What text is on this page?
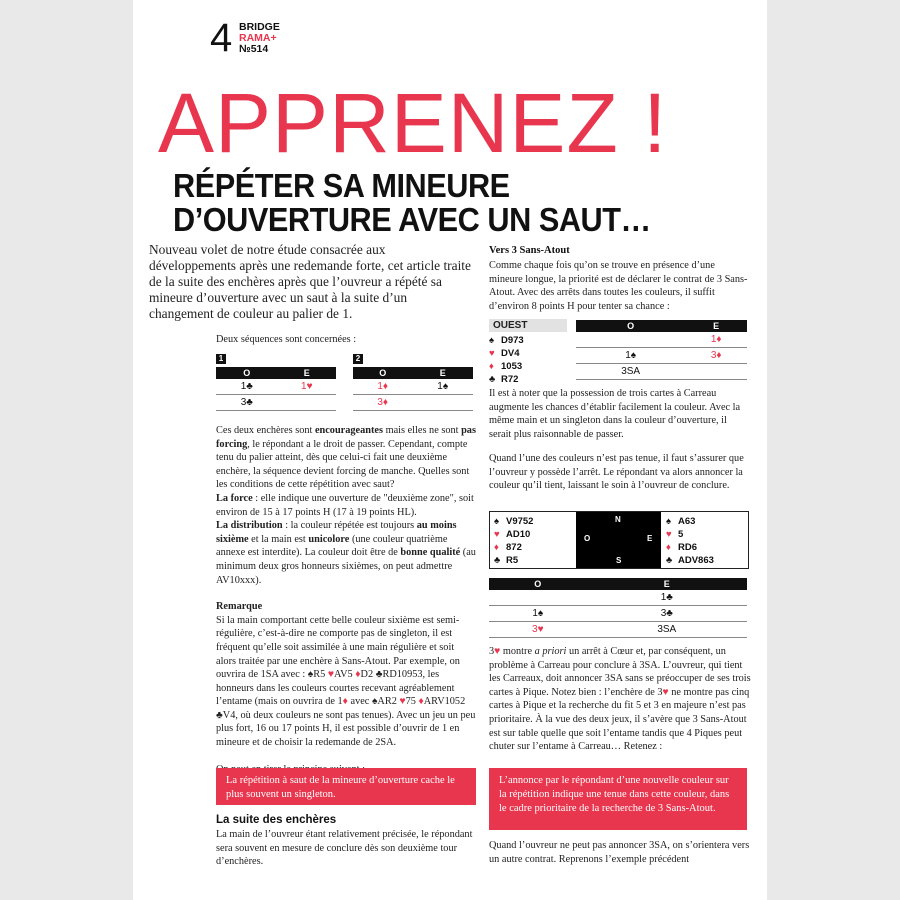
4 BRIDGE
RAMA+
№514
APPRENEZ !
RÉPÉTER SA MINEURE
D’OUVERTURE AVEC UN SAUT…
Nouveau volet de notre étude consacrée aux développements après une redemande forte, cet article traite de la suite des enchères après que l’ouvreur a répété sa mineure d’ouverture avec un saut à la suite d’un changement de couleur au palier de 1.
Deux séquences sont concernées :
1	2
O	E
1♣	1♥
3♣	
O	E
1♦	1♠
3♦	

Ces deux enchères sont encourageantes mais elles ne sont pas forcing, le répondant a le droit de passer. Cependant, compte tenu du palier atteint, dès que celui-ci fait une deuxième enchère, la séquence devient forcing de manche. Quelles sont les conditions de cette répétition avec saut?

La force : elle indique une ouverture de "deuxième zone", soit environ de 15 à 17 points H (17 à 19 points HL).

La distribution : la couleur répétée est toujours au moins sixième et la main est unicolore (une couleur quatrième annexe est interdite). La couleur doit être de bonne qualité (au minimum deux gros honneurs sixièmes, on peut admettre AV10xxx).

Remarque

Si la main comportant cette belle couleur sixième est semi-régulière, c’est-à-dire ne comporte pas de singleton, il est fréquent qu’elle soit assimilée à une main régulière et soit alors traitée par une enchère à Sans-Atout. Par exemple, on ouvrira de 1SA avec : ♠R5 ♥AV5 ♦D2 ♣RD10953, les honneurs dans les couleurs courtes recevant agréablement l’entame (mais on ouvrira de 1♦ avec ♠AR2 ♥75 ♦ARV1052 ♣V4, où deux couleurs ne sont pas tenues). Avec un jeu un peu plus fort, 16 ou 17 points H, il est possible d’ouvrir de 1 en mineure et de choisir la redemande de 2SA.

La répétition à saut de la mineure d’ouverture cache le plus souvent un singleton.
La suite des enchères
La main de l’ouvreur étant relativement précisée, le répondant sera souvent en mesure de conclure dès son deuxième tour d’enchères.
Vers 3 Sans-Atout
Comme chaque fois qu’on se trouve en présence d’une mineure longue, la priorité est de déclarer le contrat de 3 Sans-Atout. Avec des arrêts dans toutes les couleurs, il suffit d’environ 8 points H pour tenter sa chance :
OUEST
♠ D973
♥ DV4
♦ 1053
♣ R72
O	E
	1♦
1♠	3♦
3SA	
Il est à noter que la possession de trois cartes à Carreau augmente les chances d’établir facilement la couleur. Avec la même main et un singleton dans la couleur d’ouverture, il serait plus raisonnable de passer.
Quand l’une des couleurs n’est pas tenue, il faut s’assurer que l’ouvreur y possède l’arrêt. Le répondant va alors annoncer la couleur qu’il tient, laissant le soin à l’ouvreur de conclure.
♠ V9752
♥ AD10
♦ 872
♣ R5
N
O	E
S
♠ A63
♥ 5
♦ RD6
♣ ADV863
O	E
	1♣
1♠	3♣
3♥	3SA
3♥ montre a priori un arrêt à Cœur et, par conséquent, un problème à Carreau pour conclure à 3SA. L’ouvreur, qui tient les Carreaux, doit annoncer 3SA sans se préoccuper de ses trois cartes à Pique. Notez bien : l’enchère de 3♥ ne montre pas cinq cartes à Pique et la recherche du fit 5 et 3 en majeure n’est pas prioritaire. À la vue des deux jeux, il s’avère que 3 Sans-Atout est sur table quelle que soit l’entame tandis que 4 Piques peut chuter sur l’entame à Carreau… Retenez :
L’annonce par le répondant d’une nouvelle couleur sur la répétition indique une tenue dans cette couleur, dans le cadre prioritaire de la recherche de 3 Sans-Atout.
Quand l’ouvreur ne peut pas annoncer 3SA, on s’orientera vers un autre contrat. Reprenons l’exemple précédent
